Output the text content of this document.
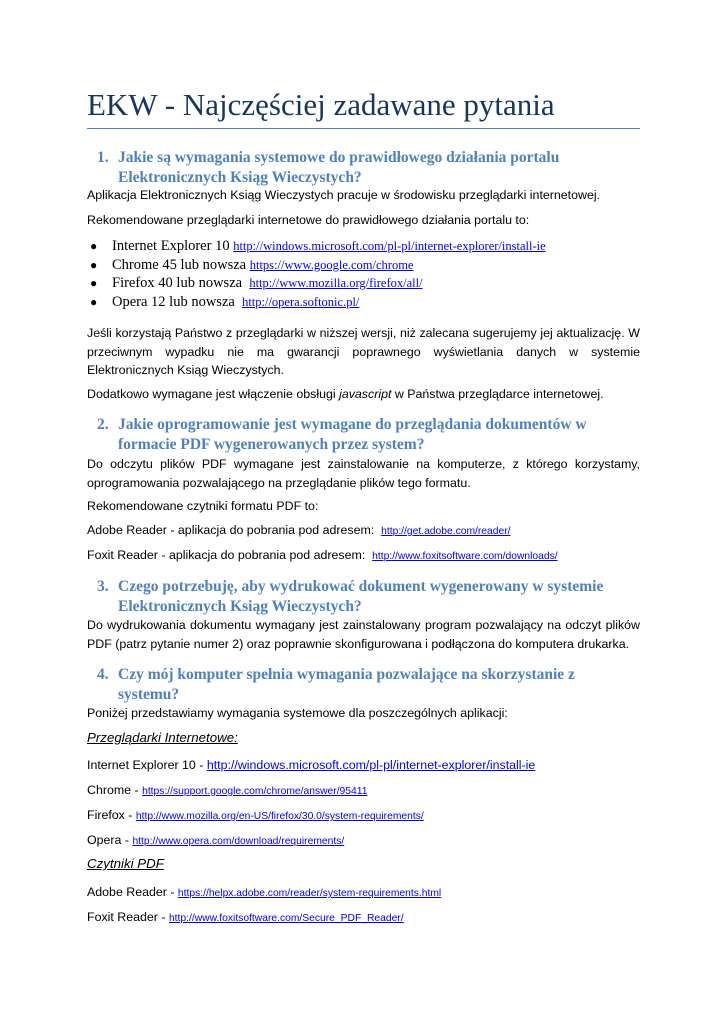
EKW - Najczęściej zadawane pytania
1. Jakie są wymagania systemowe do prawidłowego działania portalu Elektronicznych Ksiąg Wieczystych?
Aplikacja Elektronicznych Ksiąg Wieczystych pracuje w środowisku przeglądarki internetowej.
Rekomendowane przeglądarki internetowe do prawidłowego działania portalu to:
● Internet Explorer 10 http://windows.microsoft.com/pl-pl/internet-explorer/install-ie
● Chrome 45 lub nowsza https://www.google.com/chrome
● Firefox 40 lub nowsza http://www.mozilla.org/firefox/all/
● Opera 12 lub nowsza http://opera.softonic.pl/
Jeśli korzystają Państwo z przeglądarki w niższej wersji, niż zalecana sugerujemy jej aktualizację. W przeciwnym wypadku nie ma gwarancji poprawnego wyświetlania danych w systemie Elektronicznych Ksiąg Wieczystych.
Dodatkowo wymagane jest włączenie obsługi javascript w Państwa przeglądarce internetowej.
2. Jakie oprogramowanie jest wymagane do przeglądania dokumentów w formacie PDF wygenerowanych przez system?
Do odczytu plików PDF wymagane jest zainstalowanie na komputerze, z którego korzystamy, oprogramowania pozwalającego na przeglądanie plików tego formatu.
Rekomendowane czytniki formatu PDF to:
Adobe Reader - aplikacja do pobrania pod adresem: http://get.adobe.com/reader/
Foxit Reader - aplikacja do pobrania pod adresem: http://www.foxitsoftware.com/downloads/
3. Czego potrzebuję, aby wydrukować dokument wygenerowany w systemie Elektronicznych Ksiąg Wieczystych?
Do wydrukowania dokumentu wymagany jest zainstalowany program pozwalający na odczyt plików PDF (patrz pytanie numer 2) oraz poprawnie skonfigurowana i podłączona do komputera drukarka.
4. Czy mój komputer spełnia wymagania pozwalające na skorzystanie z systemu?
Poniżej przedstawiamy wymagania systemowe dla poszczególnych aplikacji:
Przeglądarki Internetowe:
Internet Explorer 10 - http://windows.microsoft.com/pl-pl/internet-explorer/install-ie
Chrome - https://support.google.com/chrome/answer/95411
Firefox - http://www.mozilla.org/en-US/firefox/30.0/system-requirements/
Opera - http://www.opera.com/download/requirements/
Czytniki PDF
Adobe Reader - https://helpx.adobe.com/reader/system-requirements.html
Foxit Reader - http://www.foxitsoftware.com/Secure_PDF_Reader/
